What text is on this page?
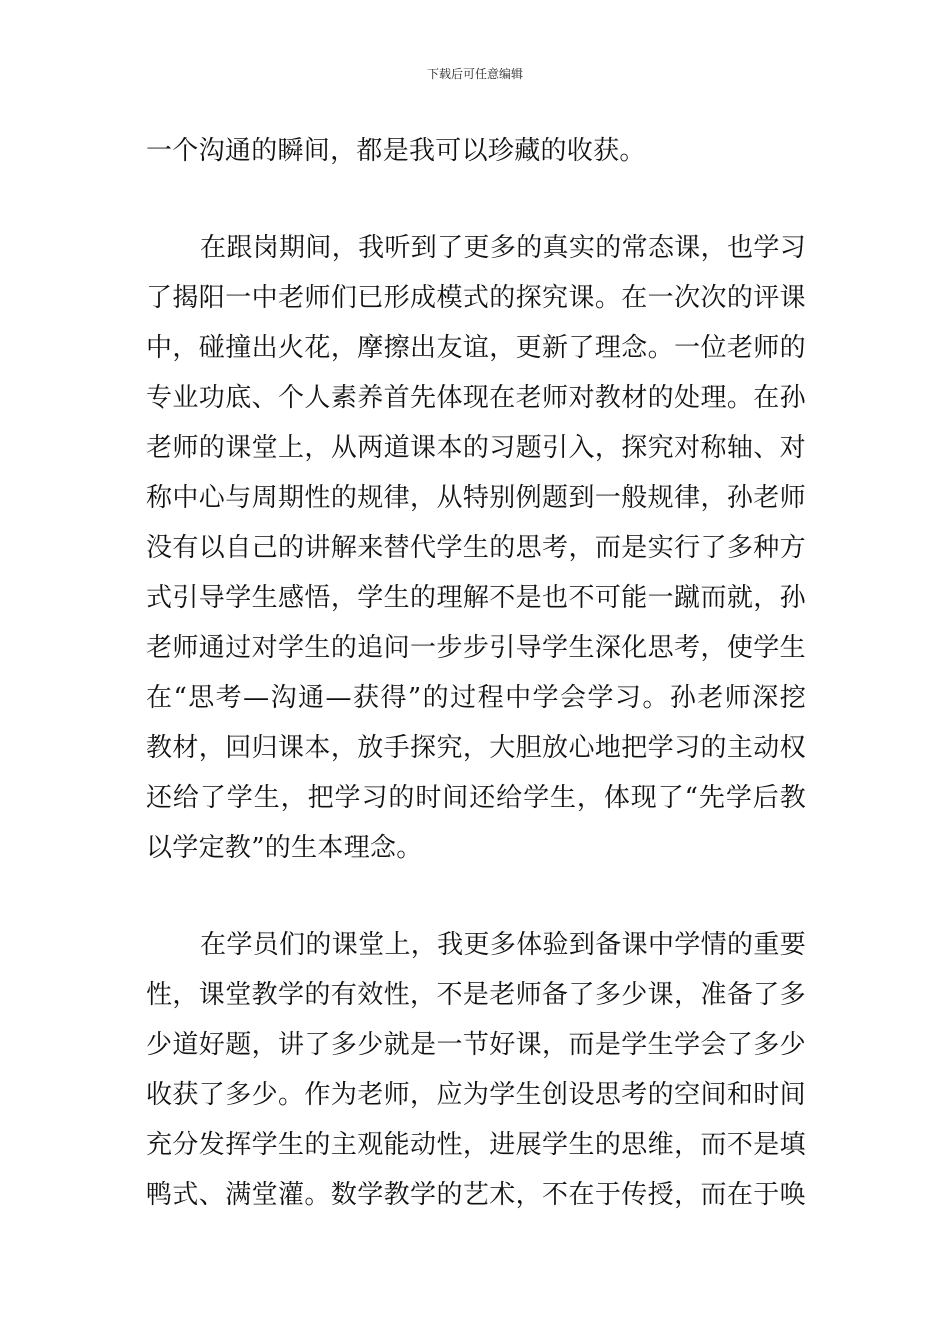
下载后可任意编辑
一个沟通的瞬间，都是我可以珍藏的收获。
在跟岗期间，我听到了更多的真实的常态课，也学习
了揭阳一中老师们已形成模式的探究课。在一次次的评课
中，碰撞出火花，摩擦出友谊，更新了理念。一位老师的
专业功底、个人素养首先体现在老师对教材的处理。在孙
老师的课堂上，从两道课本的习题引入，探究对称轴、对
称中心与周期性的规律，从特别例题到一般规律，孙老师
没有以自己的讲解来替代学生的思考，而是实行了多种方
式引导学生感悟，学生的理解不是也不可能一蹴而就，孙
老师通过对学生的追问一步步引导学生深化思考，使学生
在“思考—沟通—获得”的过程中学会学习。孙老师深挖
教材，回归课本，放手探究，大胆放心地把学习的主动权
还给了学生，把学习的时间还给学生，体现了“先学后教
以学定教”的生本理念。
在学员们的课堂上，我更多体验到备课中学情的重要
性，课堂教学的有效性，不是老师备了多少课，准备了多
少道好题，讲了多少就是一节好课，而是学生学会了多少
收获了多少。作为老师，应为学生创设思考的空间和时间
充分发挥学生的主观能动性，进展学生的思维，而不是填
鸭式、满堂灌。数学教学的艺术，不在于传授，而在于唤
